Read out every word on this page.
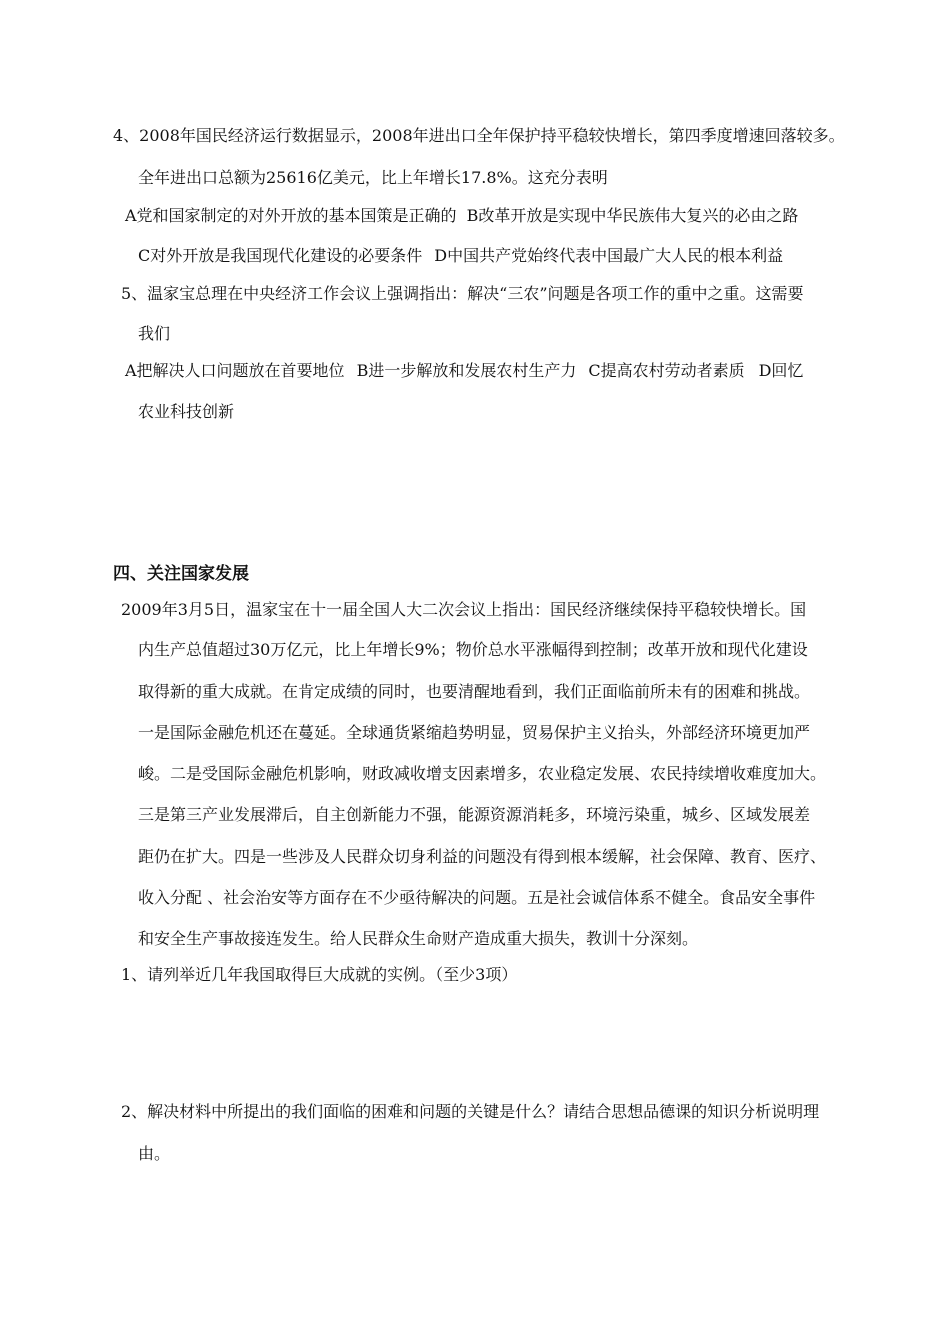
4、2008年国民经济运行数据显示，2008年进出口全年保护持平稳较快增长，第四季度增速回落较多。
全年进出口总额为25616亿美元，比上年增长17.8%。这充分表明
A党和国家制定的对外开放的基本国策是正确的 B改革开放是实现中华民族伟大复兴的必由之路
C对外开放是我国现代化建设的必要条件 D中国共产党始终代表中国最广大人民的根本利益
5、温家宝总理在中央经济工作会议上强调指出：解决“三农”问题是各项工作的重中之重。这需要
我们
A把解决人口问题放在首要地位 B进一步解放和发展农村生产力 C提高农村劳动者素质 D回忆
农业科技创新
四、关注国家发展
2009年3月5日，温家宝在十一届全国人大二次会议上指出：国民经济继续保持平稳较快增长。国
内生产总值超过30万亿元，比上年增长9%；物价总水平涨幅得到控制；改革开放和现代化建设
取得新的重大成就。在肯定成绩的同时，也要清醒地看到，我们正面临前所未有的困难和挑战。
一是国际金融危机还在蔓延。全球通货紧缩趋势明显，贸易保护主义抬头，外部经济环境更加严
峻。二是受国际金融危机影响，财政减收增支因素增多，农业稳定发展、农民持续增收难度加大。
三是第三产业发展滞后，自主创新能力不强，能源资源消耗多，环境污染重，城乡、区域发展差
距仍在扩大。四是一些涉及人民群众切身利益的问题没有得到根本缓解，社会保障、教育、医疗、
收入分配 、社会治安等方面存在不少亟待解决的问题。五是社会诚信体系不健全。食品安全事件
和安全生产事故接连发生。给人民群众生命财产造成重大损失，教训十分深刻。
1、请列举近几年我国取得巨大成就的实例。（至少3项）
2、解决材料中所提出的我们面临的困难和问题的关键是什么？请结合思想品德课的知识分析说明理
由。
